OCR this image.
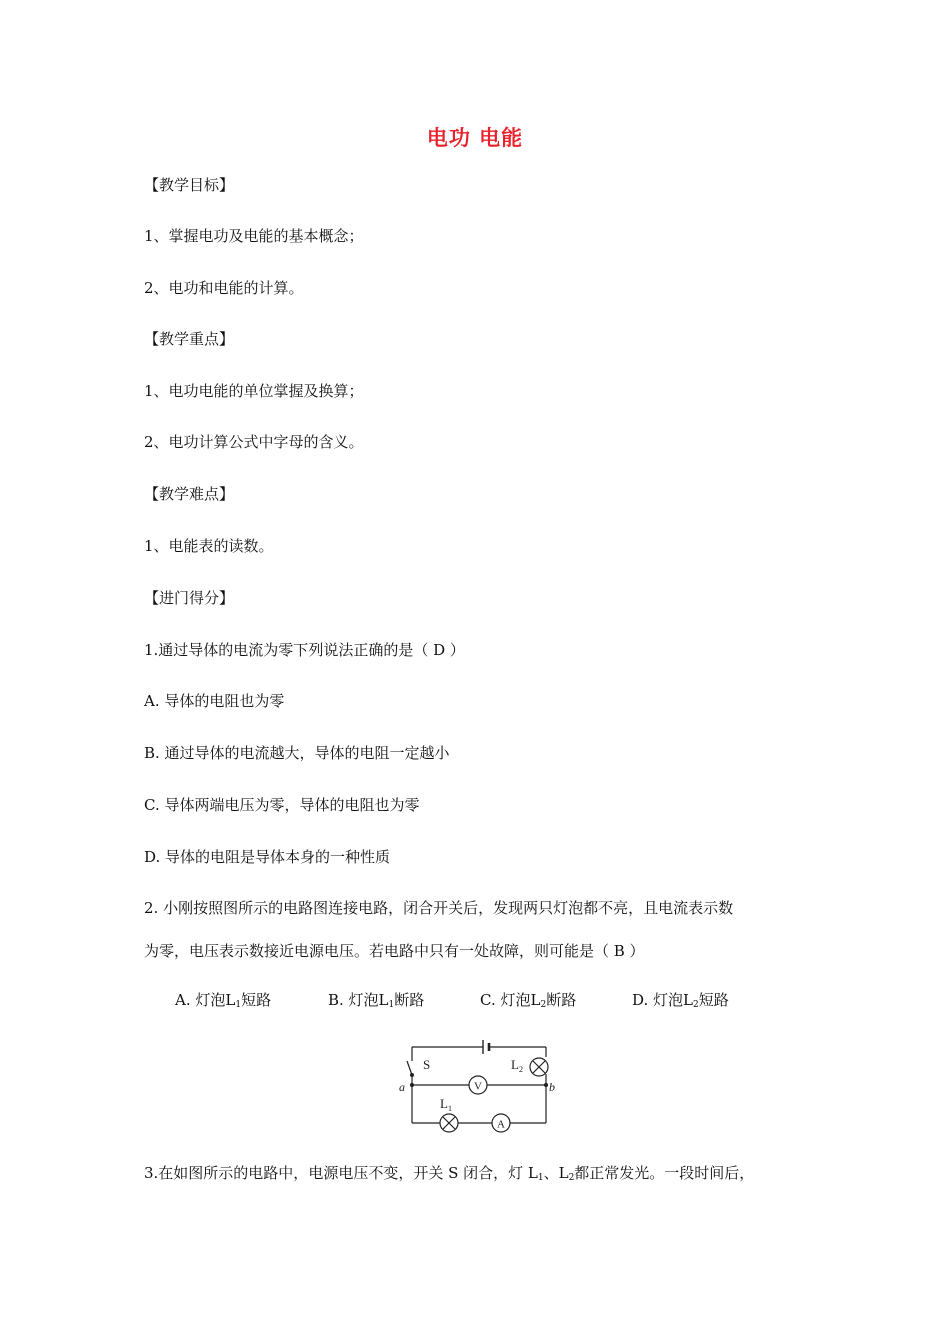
电功 电能
【教学目标】
1、掌握电功及电能的基本概念；
2、电功和电能的计算。
【教学重点】
1、电功电能的单位掌握及换算；
2、电功计算公式中字母的含义。
【教学难点】
1、电能表的读数。
【进门得分】
1.通过导体的电流为零下列说法正确的是（ D ）
A. 导体的电阻也为零
B. 通过导体的电流越大，导体的电阻一定越小
C. 导体两端电压为零，导体的电阻也为零
D. 导体的电阻是导体本身的一种性质
2. 小刚按照图所示的电路图连接电路，闭合开关后，发现两只灯泡都不亮，且电流表示数
为零，电压表示数接近电源电压。若电路中只有一处故障，则可能是（ B ）
A. 灯泡$L_1$短路	B. 灯泡$L_1$断路	C. 灯泡$L_2$断路	D. 灯泡$L_2$短路
S	$L_2$
V
a	b
$L_1$
A
3.在如图所示的电路中，电源电压不变，开关 S 闭合，灯 $L_1$、$L_2$都正常发光。一段时间后，
